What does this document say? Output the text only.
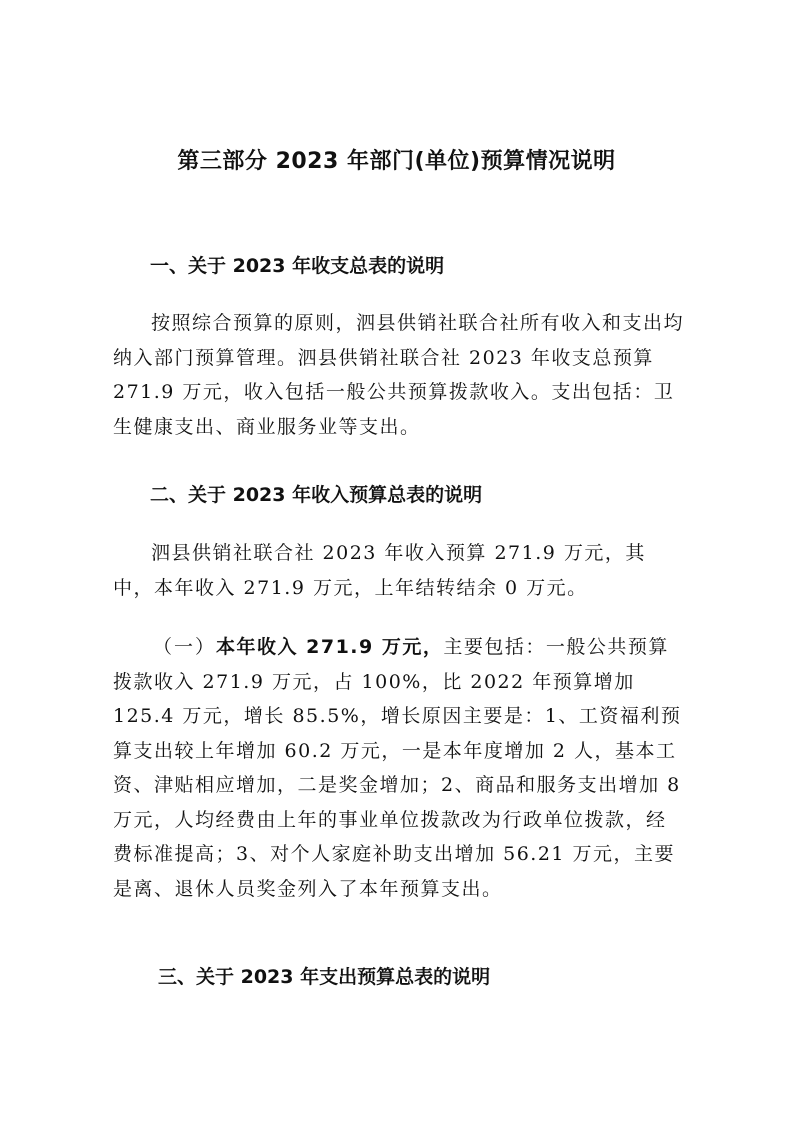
第三部分 2023 年部门(单位)预算情况说明
一、关于 2023 年收支总表的说明
按照综合预算的原则，泗县供销社联合社所有收入和支出均纳入部门预算管理。泗县供销社联合社 2023 年收支总预算 271.9 万元，收入包括一般公共预算拨款收入。支出包括：卫生健康支出、商业服务业等支出。
二、关于 2023 年收入预算总表的说明
泗县供销社联合社 2023 年收入预算 271.9 万元，其中，本年收入 271.9 万元，上年结转结余 0 万元。
（一）本年收入 271.9 万元，主要包括：一般公共预算拨款收入 271.9 万元，占 100%，比 2022 年预算增加 125.4 万元，增长 85.5%，增长原因主要是：1、工资福利预算支出较上年增加 60.2 万元，一是本年度增加 2 人，基本工资、津贴相应增加，二是奖金增加；2、商品和服务支出增加 8 万元，人均经费由上年的事业单位拨款改为行政单位拨款，经费标准提高；3、对个人家庭补助支出增加 56.21 万元，主要是离、退休人员奖金列入了本年预算支出。
三、关于 2023 年支出预算总表的说明
